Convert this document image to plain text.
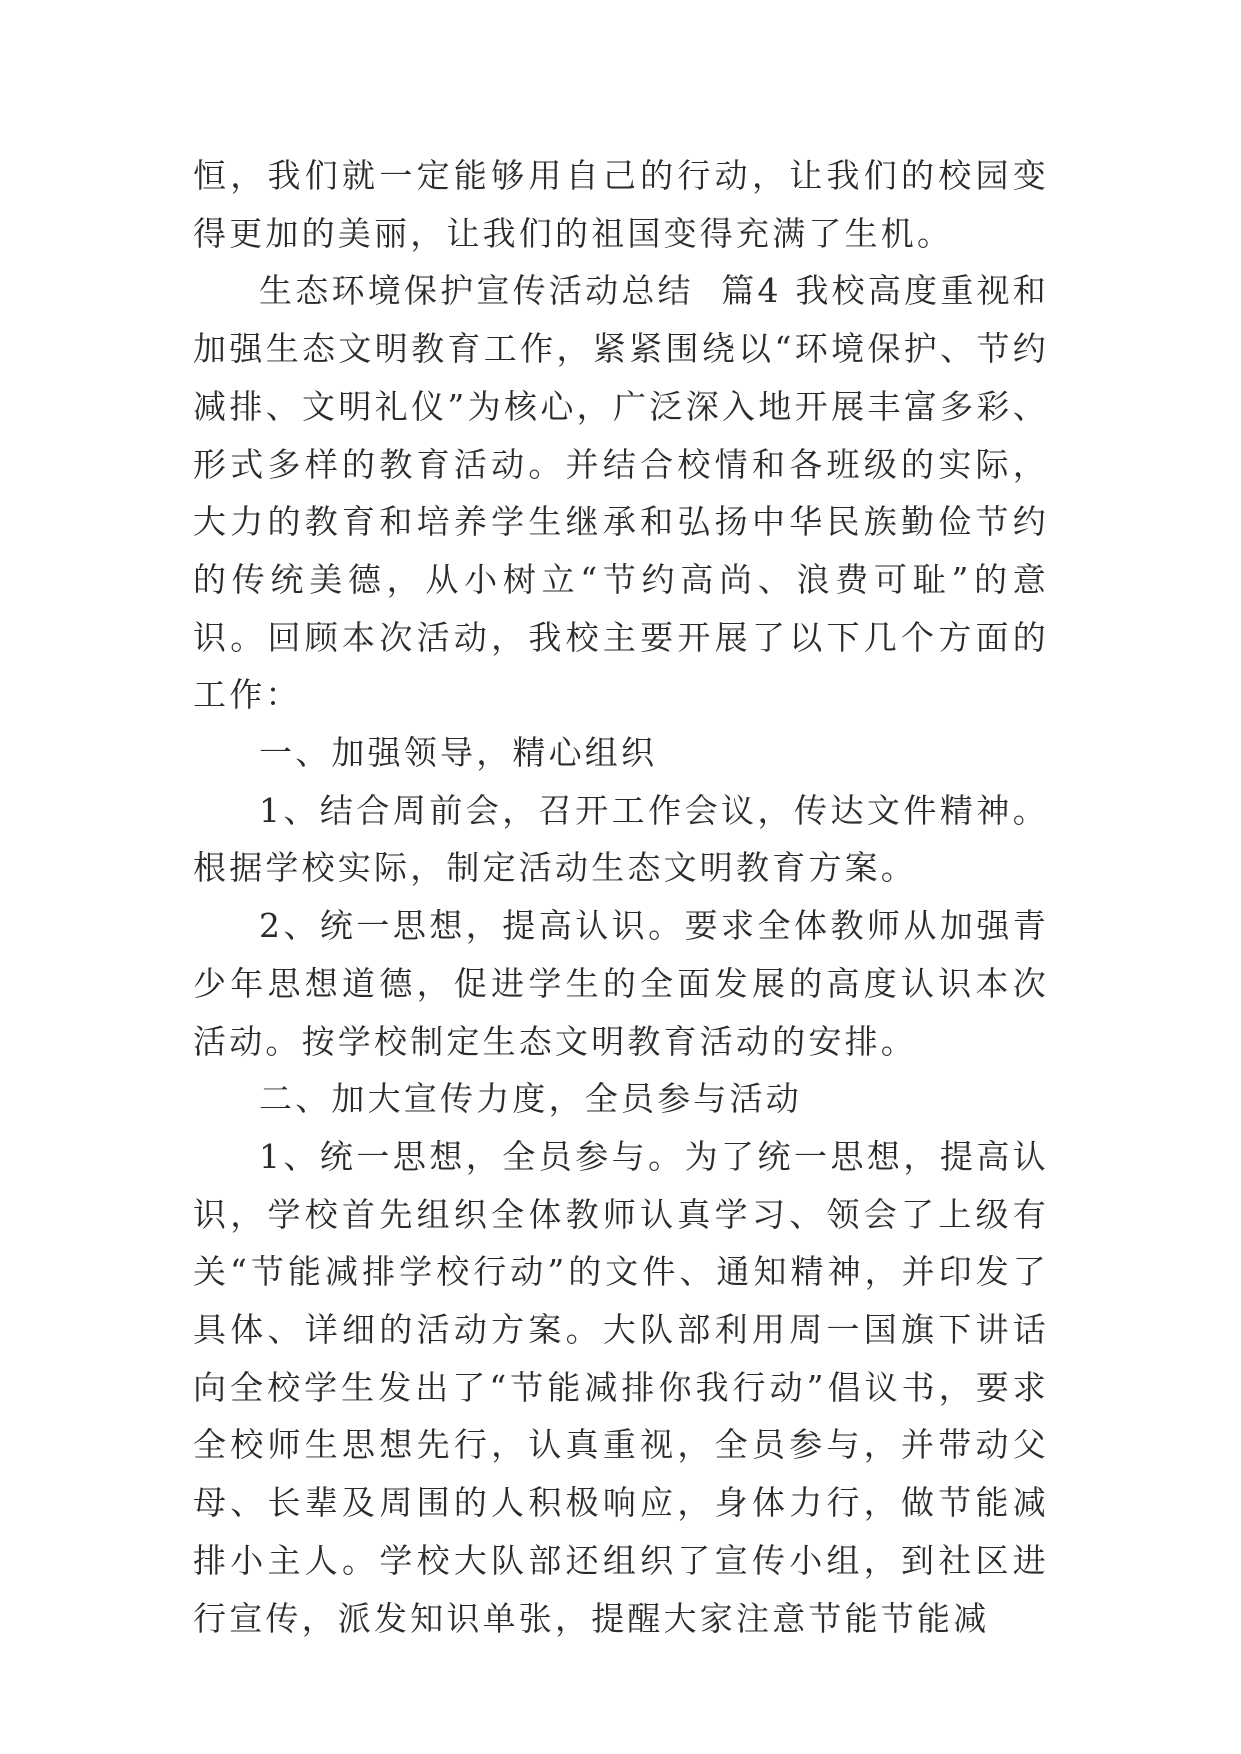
恒，我们就一定能够用自己的行动，让我们的校园变得更加的美丽，让我们的祖国变得充满了生机。

生态环境保护宣传活动总结  篇4 我校高度重视和加强生态文明教育工作，紧紧围绕以“环境保护、节约减排、文明礼仪”为核心，广泛深入地开展丰富多彩、形式多样的教育活动。并结合校情和各班级的实际，大力的教育和培养学生继承和弘扬中华民族勤俭节约的传统美德，从小树立“节约高尚、浪费可耻”的意识。回顾本次活动，我校主要开展了以下几个方面的工作：

一、加强领导，精心组织

1、结合周前会，召开工作会议，传达文件精神。根据学校实际，制定活动生态文明教育方案。

2、统一思想，提高认识。要求全体教师从加强青少年思想道德，促进学生的全面发展的高度认识本次活动。按学校制定生态文明教育活动的安排。

二、加大宣传力度，全员参与活动

1、统一思想，全员参与。为了统一思想，提高认识，学校首先组织全体教师认真学习、领会了上级有关“节能减排学校行动”的文件、通知精神，并印发了具体、详细的活动方案。大队部利用周一国旗下讲话向全校学生发出了“节能减排你我行动”倡议书，要求全校师生思想先行，认真重视，全员参与，并带动父母、长辈及周围的人积极响应，身体力行，做节能减排小主人。学校大队部还组织了宣传小组，到社区进行宣传，派发知识单张，提醒大家注意节能节能减
